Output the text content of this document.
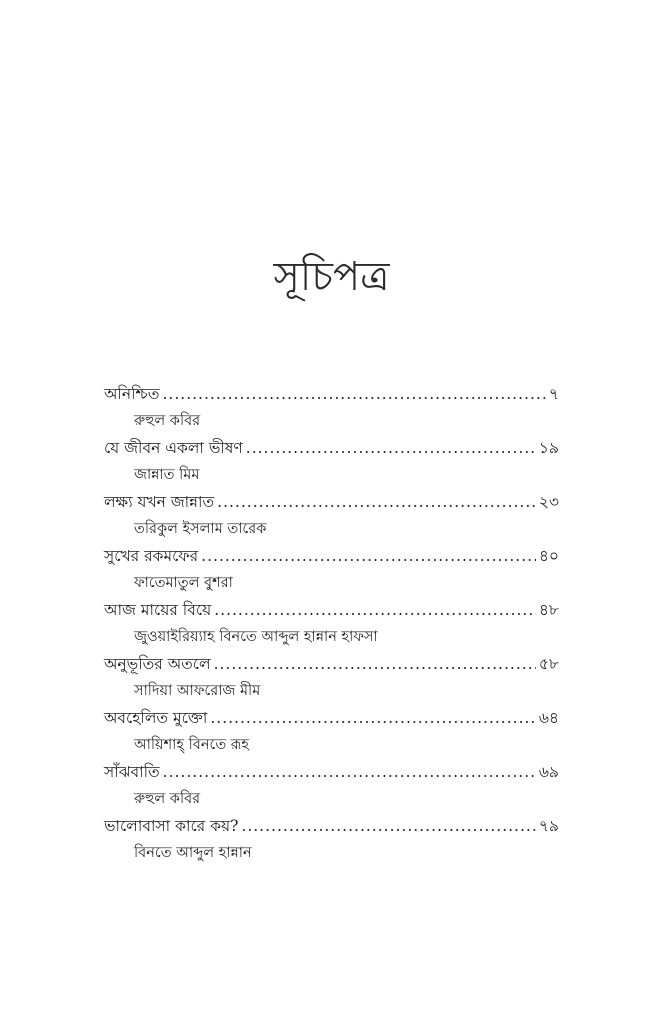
সূচিপত্র
অনিশ্চিত .....	৭
রুহুল কবির
যে জীবন একলা ভীষণ .....	১৯
জান্নাত মিম
লক্ষ্য যখন জান্নাত .....	২৩
তরিকুল ইসলাম তারেক
সুখের রকমফের .....	৪০
ফাতেমাতুল বুশরা
আজ মায়ের বিয়ে .....	৪৮
জুওয়াইরিয়্যাহ বিনতে আব্দুল হান্নান হাফসা
অনুভূতির অতলে .....	৫৮
সাদিয়া আফরোজ মীম
অবহেলিত মুক্তো .....	৬৪
আয়িশাহ্ বিনতে রূহ
সাঁঝবাতি .....	৬৯
রুহুল কবির
ভালোবাসা কারে কয়? .....	৭৯
বিনতে আব্দুল হান্নান
